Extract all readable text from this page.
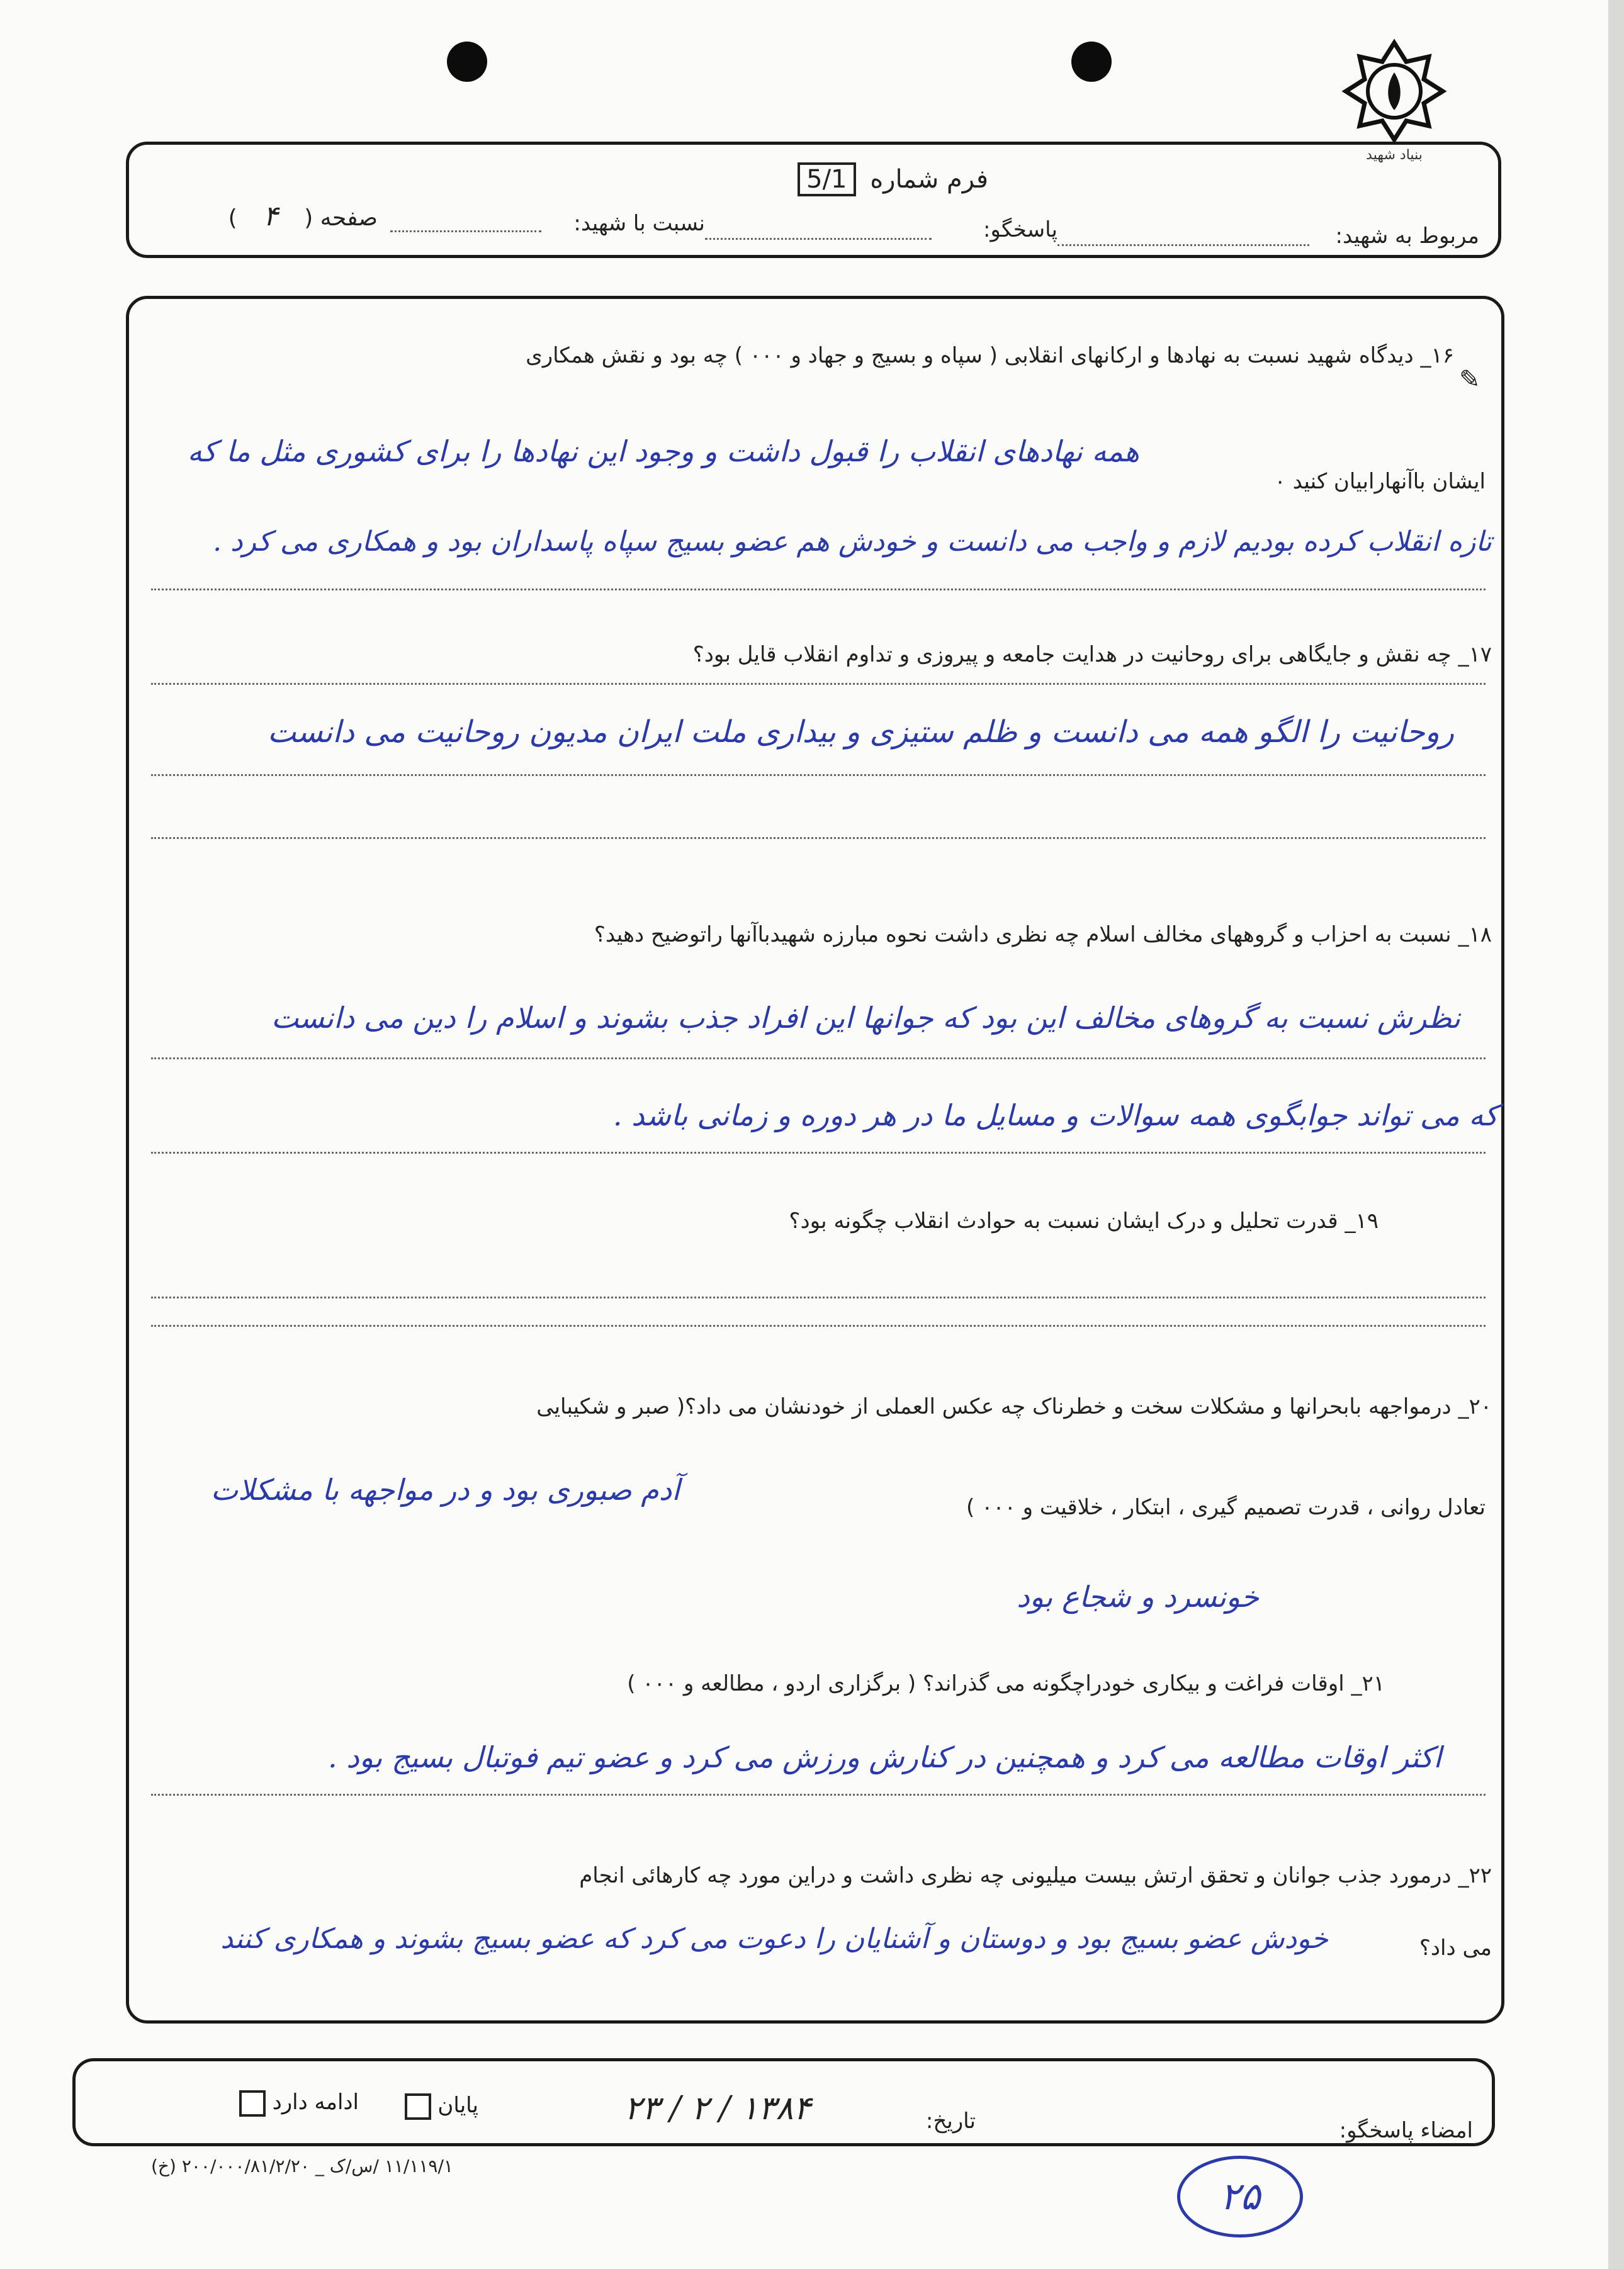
بنیاد شهید
فرم شماره 5/1
مربوط به شهید:
پاسخگو:
نسبت با شهید:
صفحه ( ۴ )
✎
۱۶_ دیدگاه شهید نسبت به نهادها و ارکانهای انقلابی ( سپاه و بسیج و جهاد و ۰۰۰ ) چه بود و نقش همکاری
ایشان باآنهارابیان کنید ۰
همه نهادهای انقلاب را قبول داشت و وجود این نهادها را برای کشوری مثل ما که
تازه انقلاب کرده بودیم لازم و واجب می دانست و خودش هم عضو بسیج سپاه پاسداران بود و همکاری می کرد .
۱۷_ چه نقش و جایگاهی برای روحانیت در هدایت جامعه و پیروزی و تداوم انقلاب قایل بود؟
روحانیت را الگو همه می دانست و ظلم ستیزی و بیداری ملت ایران مدیون روحانیت می دانست
۱۸_ نسبت به احزاب و گروههای مخالف اسلام چه نظری داشت نحوه مبارزه شهیدباآنها راتوضیح دهید؟
نظرش نسبت به گروهای مخالف این بود که جوانها این افراد جذب بشوند و اسلام را دین می دانست
که می تواند جوابگوی همه سوالات و مسایل ما در هر دوره و زمانی باشد .
۱۹_ قدرت تحلیل و درک ایشان نسبت به حوادث انقلاب چگونه بود؟
۲۰_ درمواجهه بابحرانها و مشکلات سخت و خطرناک چه عکس العملی از خودنشان می داد؟( صبر و شکیبایی
تعادل روانی ، قدرت تصمیم گیری ، ابتکار ، خلاقیت و ۰۰۰ )
آدم صبوری بود و در مواجهه با مشکلات
خونسرد و شجاع بود
۲۱_ اوقات فراغت و بیکاری خودراچگونه می گذراند؟ ( برگزاری اردو ، مطالعه و ۰۰۰ )
اکثر اوقات مطالعه می کرد و همچنین در کنارش ورزش می کرد و عضو تیم فوتبال بسیج بود .
۲۲_ درمورد جذب جوانان و تحقق ارتش بیست میلیونی چه نظری داشت و دراین مورد چه کارهائی انجام
می داد؟
خودش عضو بسیج بود و دوستان و آشنایان را دعوت می کرد که عضو بسیج بشوند و همکاری کنند
امضاء پاسخگو:
تاریخ:
۱۳۸۴ / ۲ / ۲۳
پایان
ادامه دارد
۱۱/۱۱۹/۱ /س/ک _ ۲۰۰/۰۰۰/۸۱/۲/۲۰ (خ)
۲۵
